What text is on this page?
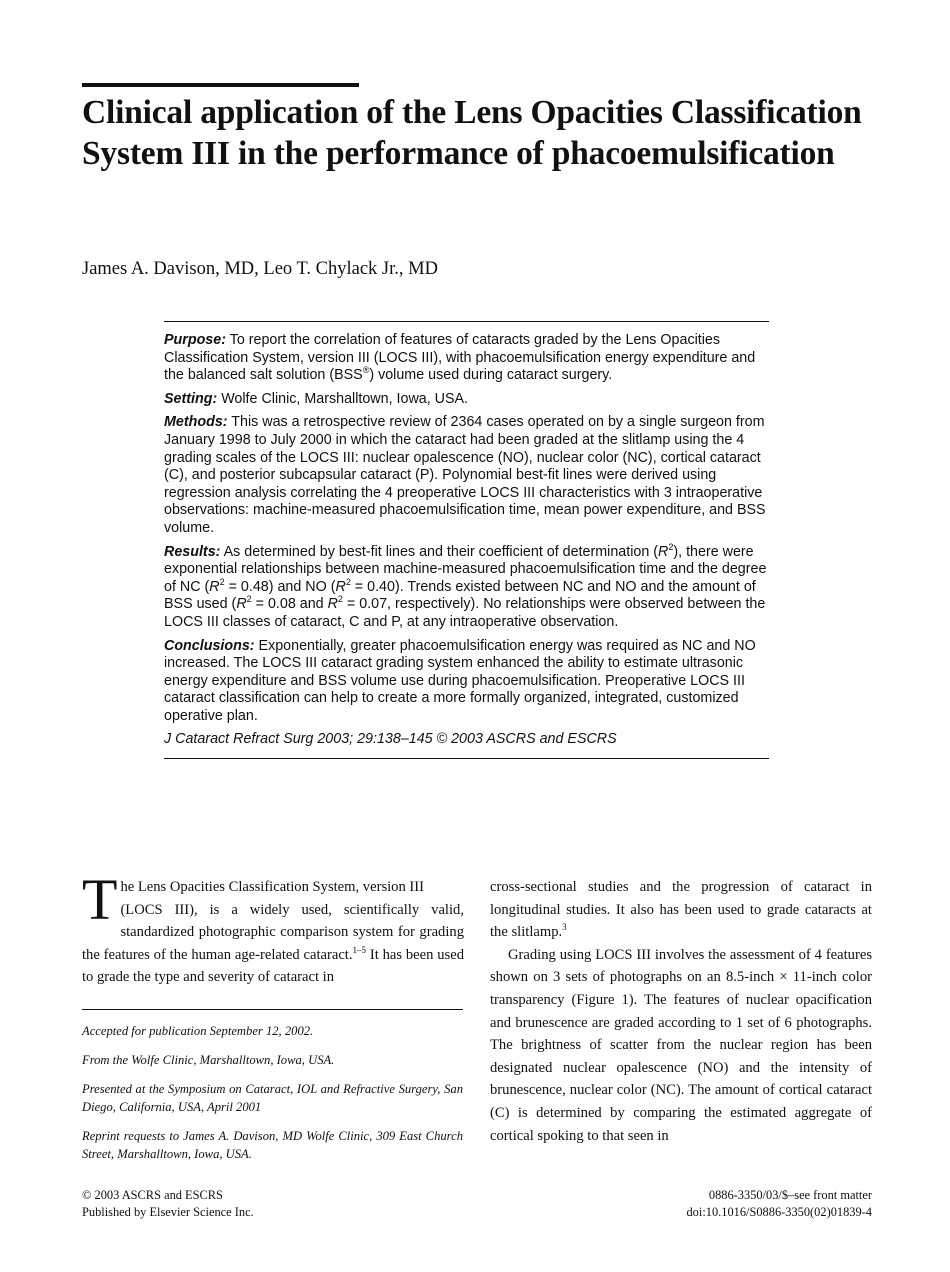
Clinical application of the Lens Opacities Classification System III in the performance of phacoemulsification
James A. Davison, MD, Leo T. Chylack Jr., MD

Purpose: To report the correlation of features of cataracts graded by the Lens Opacities Classification System, version III (LOCS III), with phacoemulsification energy expenditure and the balanced salt solution (BSS®) volume used during cataract surgery.

Setting: Wolfe Clinic, Marshalltown, Iowa, USA.

Methods: This was a retrospective review of 2364 cases operated on by a single surgeon from January 1998 to July 2000 in which the cataract had been graded at the slitlamp using the 4 grading scales of the LOCS III: nuclear opalescence (NO), nuclear color (NC), cortical cataract (C), and posterior subcapsular cataract (P). Polynomial best-fit lines were derived using regression analysis correlating the 4 preoperative LOCS III characteristics with 3 intraoperative observations: machine-measured phacoemulsification time, mean power expenditure, and BSS volume.

Results: As determined by best-fit lines and their coefficient of determination $(R^2)$, there were exponential relationships between machine-measured phacoemulsification time and the degree of NC $(R^2 = 0.48)$ and NO $(R^2 = 0.40)$. Trends existed between NC and NO and the amount of BSS used ($R^2 = 0.08$ and $R^2 = 0.07$, respectively). No relationships were observed between the LOCS III classes of cataract, C and P, at any intraoperative observation.

Conclusions: Exponentially, greater phacoemulsification energy was required as NC and NO increased. The LOCS III cataract grading system enhanced the ability to estimate ultrasonic energy expenditure and BSS volume use during phacoemulsification. Preoperative LOCS III cataract classification can help to create a more formally organized, integrated, customized operative plan.

J Cataract Refract Surg 2003; 29:138–145 © 2003 ASCRS and ESCRS

T he Lens Opacities Classification System, version III
(LOCS III), is a widely used, scientifically valid, standardized photographic comparison system for grading the features of the human age-related cataract.$^{1-5}$ It has been used to grade the type and severity of cataract in

Accepted for publication September 12, 2002.

From the Wolfe Clinic, Marshalltown, Iowa, USA.

Presented at the Symposium on Cataract, IOL and Refractive Surgery, San Diego, California, USA, April 2001

Reprint requests to James A. Davison, MD Wolfe Clinic, 309 East Church Street, Marshalltown, Iowa, USA.

cross-sectional studies and the progression of cataract in longitudinal studies. It also has been used to grade cataracts at the slitlamp.$^3$

Grading using LOCS III involves the assessment of 4 features shown on 3 sets of photographs on an 8.5-inch × 11-inch color transparency (Figure 1). The features of nuclear opacification and brunescence are graded according to 1 set of 6 photographs. The brightness of scatter from the nuclear region has been designated nuclear opalescence (NO) and the intensity of brunescence, nuclear color (NC). The amount of cortical cataract (C) is determined by comparing the estimated aggregate of cortical spoking to that seen in

© 2003 ASCRS and ESCRS
Published by Elsevier Science Inc.
0886-3350/03/$–see front matter
doi:10.1016/S0886-3350(02)01839-4
